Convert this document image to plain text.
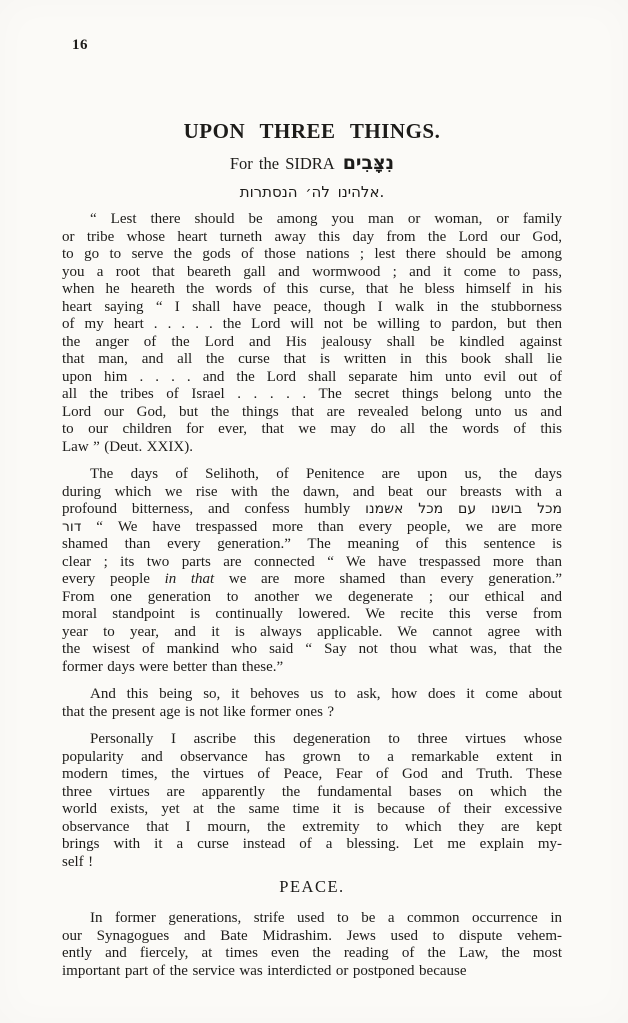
16
UPON THREE THINGS.
For the SIDRA נִצָּבִים
הנסתרות לה׳ אלהינו.
“ Lest there should be among you man or woman, or family
or tribe whose heart turneth away this day from the Lord our God,
to go to serve the gods of those nations ; lest there should be among
you a root that beareth gall and wormwood ; and it come to pass,
when he heareth the words of this curse, that he bless himself in his
heart saying “ I shall have peace, though I walk in the stubborness
of my heart . . . . . the Lord will not be willing to pardon, but then
the anger of the Lord and His jealousy shall be kindled against
that man, and all the curse that is written in this book shall lie
upon him . . . . and the Lord shall separate him unto evil out of
all the tribes of Israel . . . . . The secret things belong unto the
Lord our God, but the things that are revealed belong unto us and
to our children for ever, that we may do all the words of this
Law ” (Deut. XXIX).
The days of Selihoth, of Penitence are upon us, the days
during which we rise with the dawn, and beat our breasts with a
profound bitterness, and confess humbly אשמנו מכל עם בושנו מכל
דור “ We have trespassed more than every people, we are more
shamed than every generation.” The meaning of this sentence is
clear ; its two parts are connected “ We have trespassed more than
every people in that we are more shamed than every generation.”
From one generation to another we degenerate ; our ethical and
moral standpoint is continually lowered. We recite this verse from
year to year, and it is always applicable. We cannot agree with
the wisest of mankind who said “ Say not thou what was, that the
former days were better than these.”
And this being so, it behoves us to ask, how does it come about
that the present age is not like former ones ?
Personally I ascribe this degeneration to three virtues whose
popularity and observance has grown to a remarkable extent in
modern times, the virtues of Peace, Fear of God and Truth. These
three virtues are apparently the fundamental bases on which the
world exists, yet at the same time it is because of their excessive
observance that I mourn, the extremity to which they are kept
brings with it a curse instead of a blessing. Let me explain my-
self !
PEACE.
In former generations, strife used to be a common occurrence in
our Synagogues and Bate Midrashim. Jews used to dispute vehem-
ently and fiercely, at times even the reading of the Law, the most
important part of the service was interdicted or postponed because
